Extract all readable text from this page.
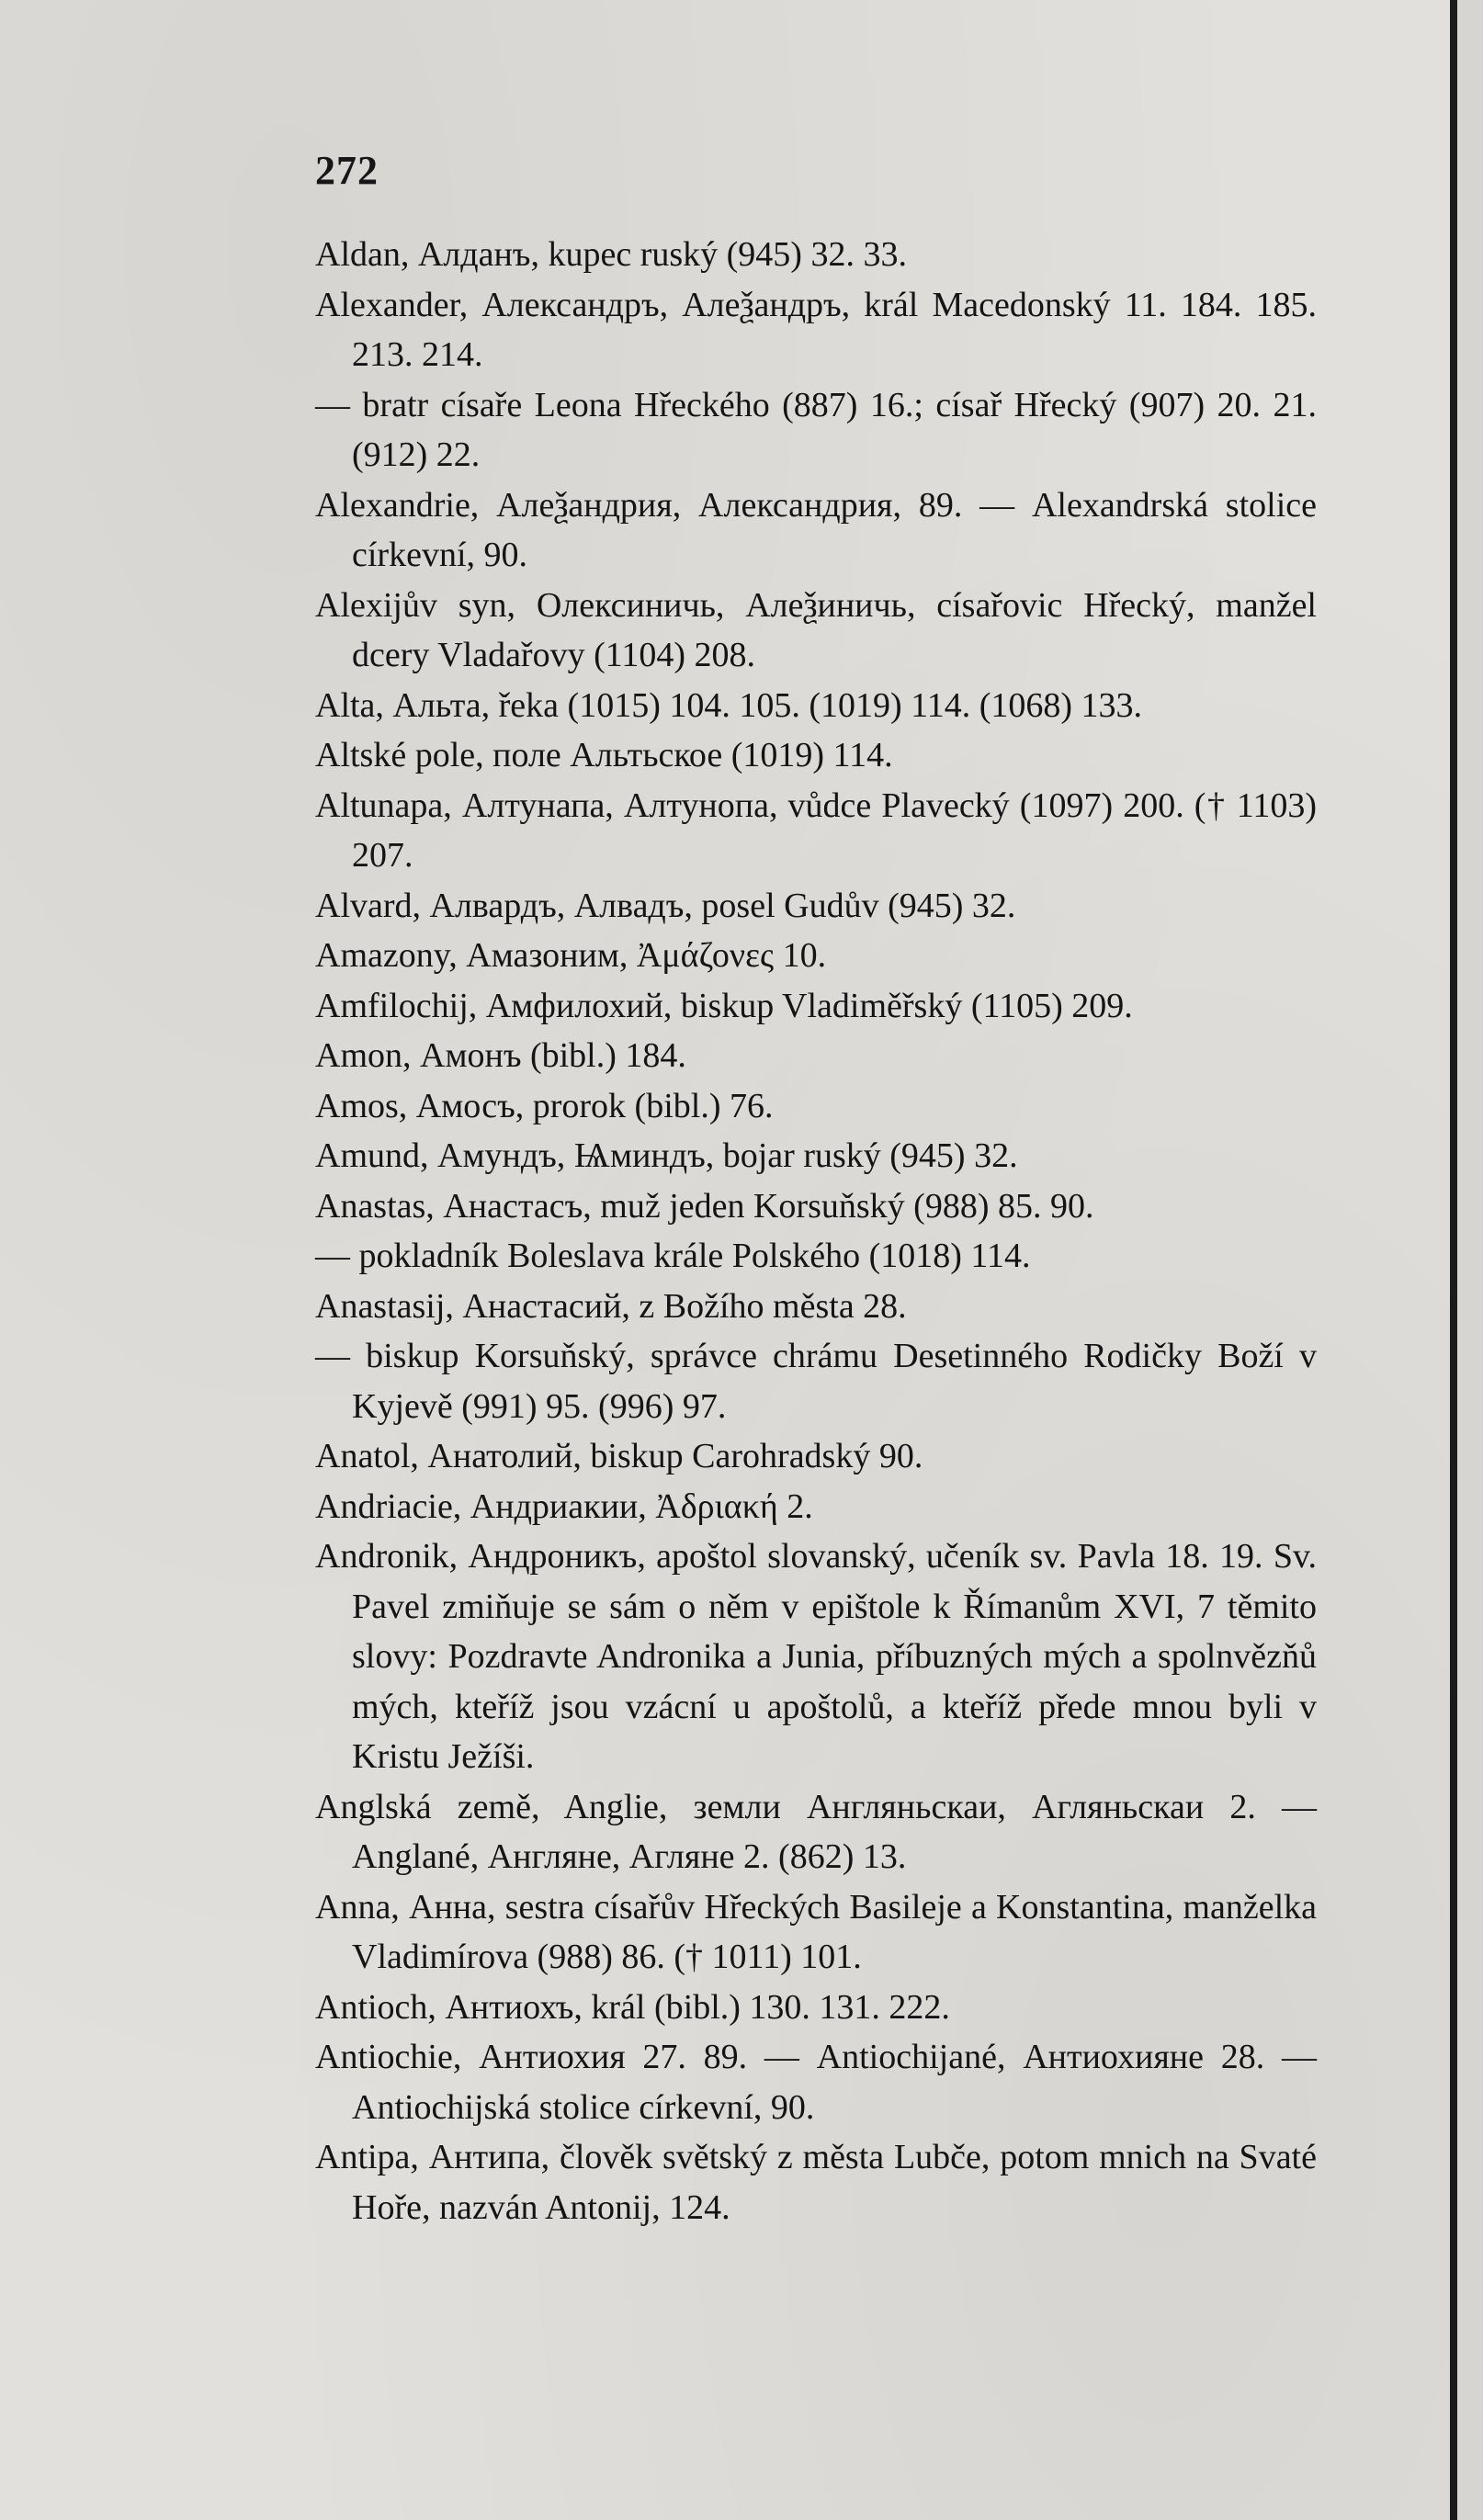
272
Aldan, Алданъ, kupec ruský (945) 32. 33.
Alexander, Александръ, Алеѯандръ, král Macedonský 11. 184. 185. 213. 214.
— bratr císaře Leona Hřeckého (887) 16.; císař Hřecký (907) 20. 21. (912) 22.
Alexandrie, Алеѯандрия, Александрия, 89. — Alexandrská stolice církevní, 90.
Alexijův syn, Олексиничь, Алеѯиничь, císařovic Hřecký, manžel dcery Vladařovy (1104) 208.
Alta, Альта, řeka (1015) 104. 105. (1019) 114. (1068) 133.
Altské pole, поле Альтьское (1019) 114.
Altunapa, Алтунапа, Алтунопа, vůdce Plavecký (1097) 200. († 1103) 207.
Alvard, Алвардъ, Алвадъ, posel Gudův (945) 32.
Amazony, Амазоним, Ἀμάζονες 10.
Amfilochij, Амфилохий, biskup Vladiměřský (1105) 209.
Amon, Амонъ (bibl.) 184.
Amos, Амосъ, prorok (bibl.) 76.
Amund, Амундъ, Ѩминдъ, bojar ruský (945) 32.
Anastas, Анастасъ, muž jeden Korsuňský (988) 85. 90.
— pokladník Boleslava krále Polského (1018) 114.
Anastasij, Анастасий, z Božího města 28.
— biskup Korsuňský, správce chrámu Desetinného Rodičky Boží v Kyjevě (991) 95. (996) 97.
Anatol, Анатолий, biskup Carohradský 90.
Andriacie, Андриакии, Ἀδριακή 2.
Andronik, Андроникъ, apoštol slovanský, učeník sv. Pavla 18. 19. Sv. Pavel zmiňuje se sám o něm v epištole k Římanům XVI, 7 těmito slovy: Pozdravte Andronika a Junia, příbuzných mých a spolnvězňů mých, kteříž jsou vzácní u apoštolů, a kteříž přede mnou byli v Kristu Ježíši.
Anglská země, Anglie, земли Англяньскаи, Агляньскаи 2. — Anglané, Англяне, Агляне 2. (862) 13.
Anna, Анна, sestra císařův Hřeckých Basileje a Konstantina, manželka Vladimírova (988) 86. († 1011) 101.
Antioch, Антиохъ, král (bibl.) 130. 131. 222.
Antiochie, Антиохия 27. 89. — Antiochijané, Антиохияне 28. — Antiochijská stolice církevní, 90.
Antipa, Антипа, člověk světský z města Lubče, potom mnich na Svaté Hoře, nazván Antonij, 124.
